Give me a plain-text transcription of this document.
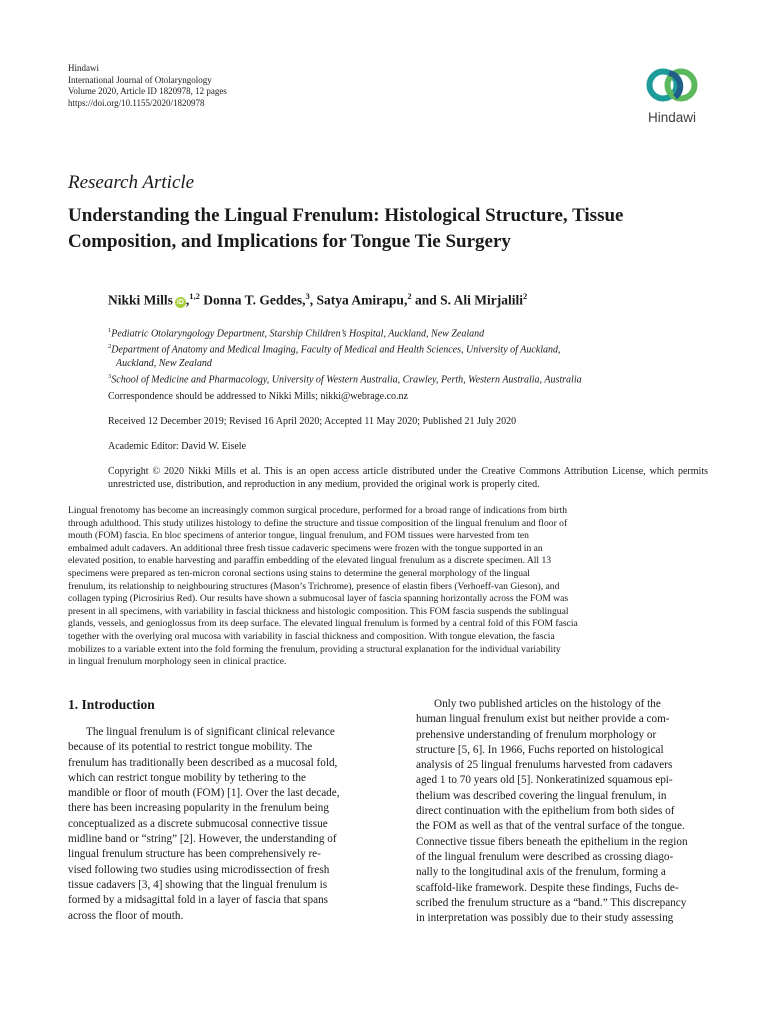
Hindawi
International Journal of Otolaryngology
Volume 2020, Article ID 1820978, 12 pages
https://doi.org/10.1155/2020/1820978
Hindawi
Research Article
Understanding the Lingual Frenulum: Histological Structure, Tissue Composition, and Implications for Tongue Tie Surgery
Nikki Mills iD ,$^{1,2}$ Donna T. Geddes,$^3$, Satya Amirapu,$^2$ and S. Ali Mirjalili$^2$

$^1$Pediatric Otolaryngology Department, Starship Children’s Hospital, Auckland, New Zealand

$^2$Department of Anatomy and Medical Imaging, Faculty of Medical and Health Sciences, University of Auckland,

Auckland, New Zealand

$^3$School of Medicine and Pharmacology, University of Western Australia, Crawley, Perth, Western Australia, Australia

Correspondence should be addressed to Nikki Mills; nikki@webrage.co.nz
Received 12 December 2019; Revised 16 April 2020; Accepted 11 May 2020; Published 21 July 2020
Academic Editor: David W. Eisele
Copyright © 2020 Nikki Mills et al. This is an open access article distributed under the Creative Commons Attribution License, which permits unrestricted use, distribution, and reproduction in any medium, provided the original work is properly cited.
Lingual frenotomy has become an increasingly common surgical procedure, performed for a broad range of indications from birth
through adulthood. This study utilizes histology to define the structure and tissue composition of the lingual frenulum and floor of
mouth (FOM) fascia. En bloc specimens of anterior tongue, lingual frenulum, and FOM tissues were harvested from ten
embalmed adult cadavers. An additional three fresh tissue cadaveric specimens were frozen with the tongue supported in an
elevated position, to enable harvesting and paraffin embedding of the elevated lingual frenulum as a discrete specimen. All 13
specimens were prepared as ten-micron coronal sections using stains to determine the general morphology of the lingual
frenulum, its relationship to neighbouring structures (Mason’s Trichrome), presence of elastin fibers (Verhoeff-van Gieson), and
collagen typing (Picrosirius Red). Our results have shown a submucosal layer of fascia spanning horizontally across the FOM was
present in all specimens, with variability in fascial thickness and histologic composition. This FOM fascia suspends the sublingual
glands, vessels, and genioglossus from its deep surface. The elevated lingual frenulum is formed by a central fold of this FOM fascia
together with the overlying oral mucosa with variability in fascial thickness and composition. With tongue elevation, the fascia
mobilizes to a variable extent into the fold forming the frenulum, providing a structural explanation for the individual variability
in lingual frenulum morphology seen in clinical practice.
1. Introduction
The lingual frenulum is of significant clinical relevance
because of its potential to restrict tongue mobility. The
frenulum has traditionally been described as a mucosal fold,
which can restrict tongue mobility by tethering to the
mandible or floor of mouth (FOM) [1]. Over the last decade,
there has been increasing popularity in the frenulum being
conceptualized as a discrete submucosal connective tissue
midline band or “string” [2]. However, the understanding of
lingual frenulum structure has been comprehensively re-
vised following two studies using microdissection of fresh
tissue cadavers [3, 4] showing that the lingual frenulum is
formed by a midsagittal fold in a layer of fascia that spans
across the floor of mouth.
Only two published articles on the histology of the
human lingual frenulum exist but neither provide a com-
prehensive understanding of frenulum morphology or
structure [5, 6]. In 1966, Fuchs reported on histological
analysis of 25 lingual frenulums harvested from cadavers
aged 1 to 70 years old [5]. Nonkeratinized squamous epi-
thelium was described covering the lingual frenulum, in
direct continuation with the epithelium from both sides of
the FOM as well as that of the ventral surface of the tongue.
Connective tissue fibers beneath the epithelium in the region
of the lingual frenulum were described as crossing diago-
nally to the longitudinal axis of the frenulum, forming a
scaffold-like framework. Despite these findings, Fuchs de-
scribed the frenulum structure as a “band.” This discrepancy
in interpretation was possibly due to their study assessing
